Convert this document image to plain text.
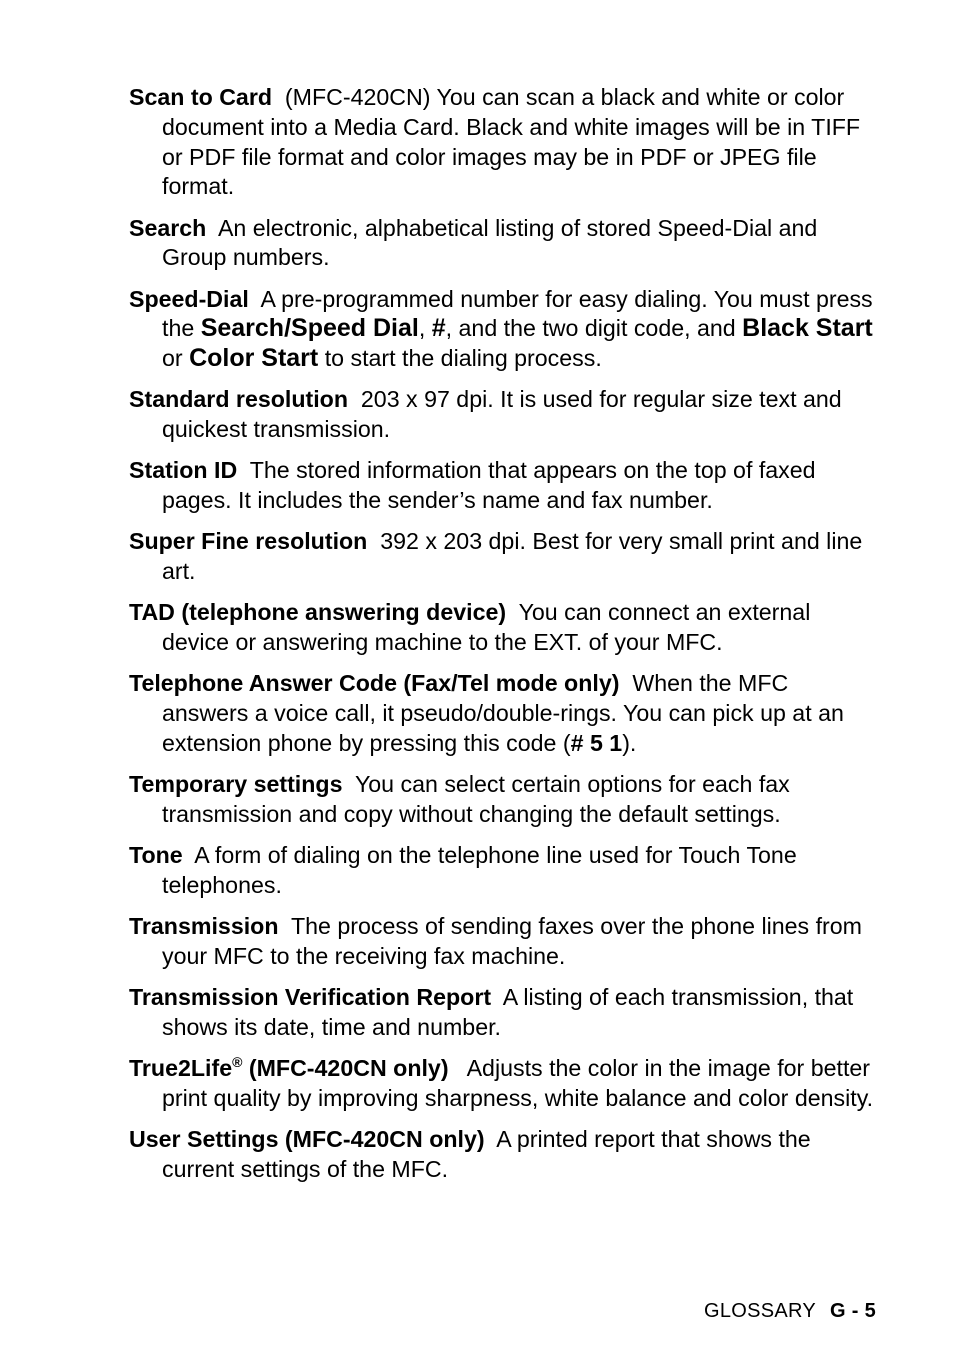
Scan to Card (MFC-420CN) You can scan a black and white or color document into a Media Card. Black and white images will be in TIFF or PDF file format and color images may be in PDF or JPEG file format.

Search An electronic, alphabetical listing of stored Speed-Dial and Group numbers.

Speed-Dial A pre-programmed number for easy dialing. You must press the Search/Speed Dial, #, and the two digit code, and Black Start or Color Start to start the dialing process.

Standard resolution 203 x 97 dpi. It is used for regular size text and quickest transmission.

Station ID The stored information that appears on the top of faxed pages. It includes the sender’s name and fax number.

Super Fine resolution 392 x 203 dpi. Best for very small print and line art.

TAD (telephone answering device) You can connect an external device or answering machine to the EXT. of your MFC.

Telephone Answer Code (Fax/Tel mode only) When the MFC answers a voice call, it pseudo/double-rings. You can pick up at an extension phone by pressing this code (# 5 1).

Temporary settings You can select certain options for each fax transmission and copy without changing the default settings.

Tone A form of dialing on the telephone line used for Touch Tone telephones.

Transmission The process of sending faxes over the phone lines from your MFC to the receiving fax machine.

Transmission Verification Report A listing of each transmission, that shows its date, time and number.

True2Life® (MFC-420CN only) Adjusts the color in the image for better print quality by improving sharpness, white balance and color density.

User Settings (MFC-420CN only) A printed report that shows the current settings of the MFC.

GLOSSARY G - 5
